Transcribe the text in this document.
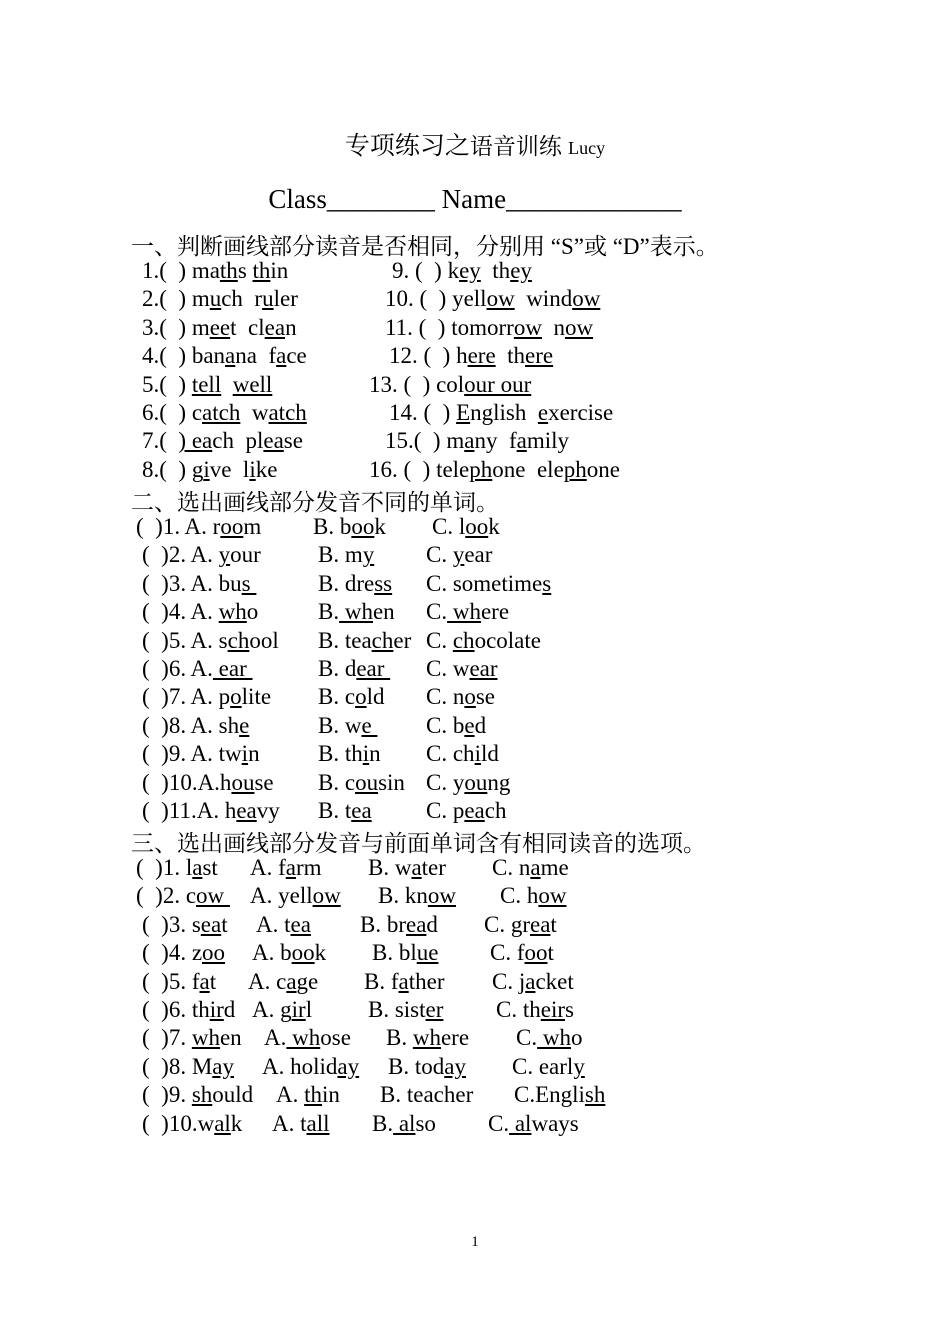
专项练习之语音训练 Lucy
Class________ Name_____________
一、判断画线部分读音是否相同，分别用 “S”或 “D”表示。
1.(  ) maths thin
2.(  ) much  ruler
3.(  ) meet  clean
4.(  ) banana  face
5.(  ) tell well
6.(  ) catch  watch
7.(  ) each  please
8.(  ) give  like
9. (  ) key  they
10. (  ) yellow  window
11. (  ) tomorrow  now
12. (  ) here  there
13. (  ) colour our
14. (  ) English  exercise
15.(  ) many  family
16. (  ) telephone  elephone
二、选出画线部分发音不同的单词。
(  )1. A. room B. book C. look
(  )2. A. your B. my C. year
(  )3. A. bus	B. dress C. sometimes
(  )4. A. who	B. when C. where
(  )5. A. school B. teacher C. chocolate
(  )6. A. ear	B. dear C. wear
(  )7. A. polite B. cold C. nose
(  )8. A. she	B. we C. bed
(  )9. A. twin	B. thin C. child
(  )10.A.house B. cousin C. young
(  )11.A. heavy B. tea C. peach
三、选出画线部分发音与前面单词含有相同读音的选项。
(  )1. last A. farm B. water C. name
(  )2. cow A. yellow B. know C. how
(  )3. seat A. tea B. bread C. great
(  )4. zoo A. book B. blue C. foot
(  )5. fat A. cage B. father C. jacket
(  )6. third A. girl B. sister C. theirs
(  )7. when A. whose B. where C. who
(  )8. May A. holiday B. today C. early
(  )9. should A. thin B. teacher C.English
(  )10.walk A. tall B. also C. always
1
